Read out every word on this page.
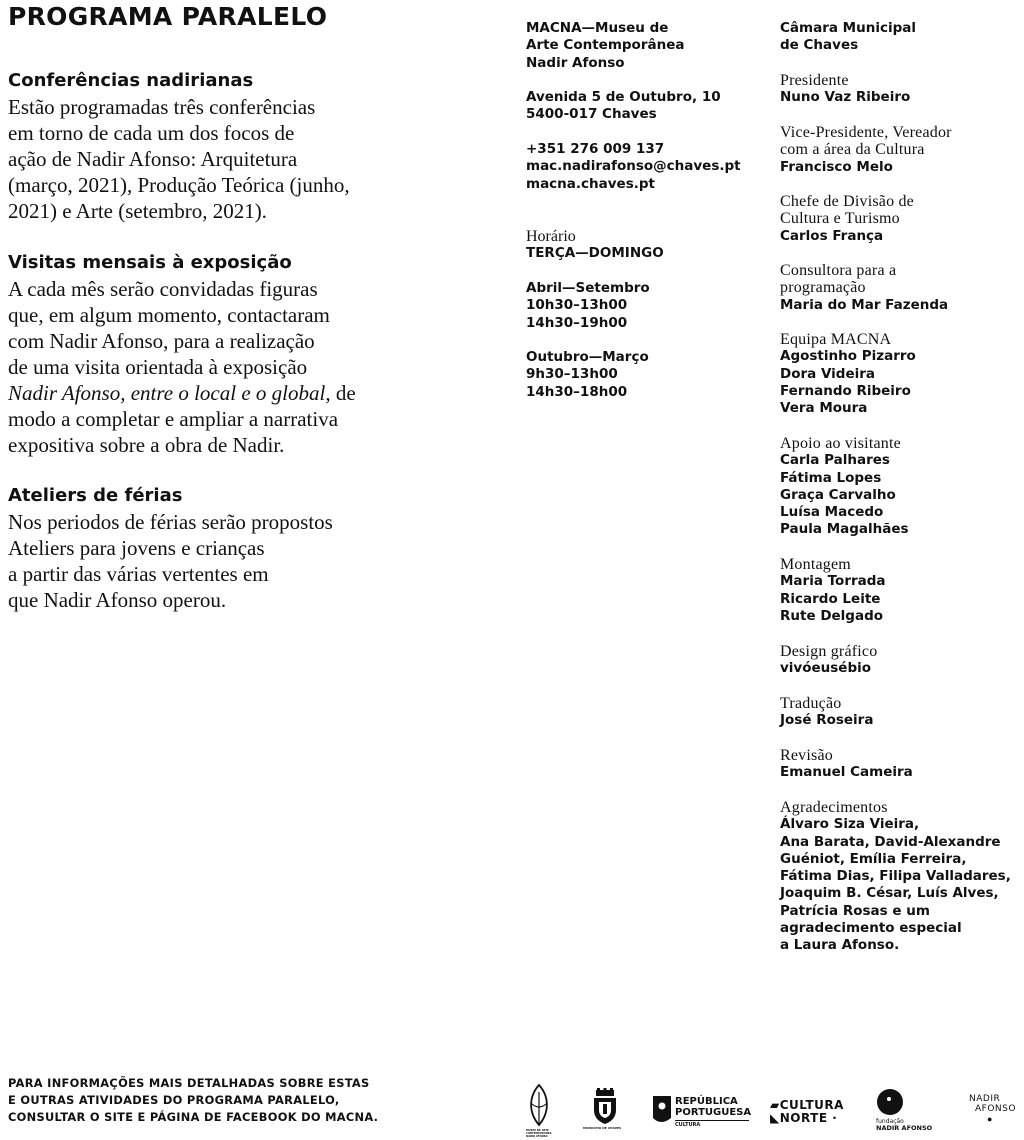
PROGRAMA PARALELO
Conferências nadirianas

Estão programadas três conferências
em torno de cada um dos focos de
ação de Nadir Afonso: Arquitetura
(março, 2021), Produção Teórica (junho,
2021) e Arte (setembro, 2021).

Visitas mensais à exposição

A cada mês serão convidadas figuras
que, em algum momento, contactaram
com Nadir Afonso, para a realização
de uma visita orientada à exposição
Nadir Afonso, entre o local e o global, de
modo a completar e ampliar a narrativa
expositiva sobre a obra de Nadir.

Ateliers de férias

Nos periodos de férias serão propostos
Ateliers para jovens e crianças
a partir das várias vertentes em
que Nadir Afonso operou.

MACNA—Museu de
Arte Contemporânea
Nadir Afonso
Avenida 5 de Outubro, 10
5400-017 Chaves
+351 276 009 137
mac.nadirafonso@chaves.pt
macna.chaves.pt
Horário
TERÇA—DOMINGO
Abril—Setembro
10h30–13h00
14h30–19h00
Outubro—Março
9h30–13h00
14h30–18h00
Câmara Municipal
de Chaves
Presidente
Nuno Vaz Ribeiro
Vice-Presidente, Vereador
com a área da Cultura
Francisco Melo
Chefe de Divisão de
Cultura e Turismo
Carlos França
Consultora para a
programação
Maria do Mar Fazenda
Equipa MACNA
Agostinho Pizarro
Dora Videira
Fernando Ribeiro
Vera Moura
Apoio ao visitante
Carla Palhares
Fátima Lopes
Graça Carvalho
Luísa Macedo
Paula Magalhães
Montagem
Maria Torrada
Ricardo Leite
Rute Delgado
Design gráfico
vivóeusébio
Tradução
José Roseira
Revisão
Emanuel Cameira
Agradecimentos
Álvaro Siza Vieira,
Ana Barata, David-Alexandre
Guéniot, Emília Ferreira,
Fátima Dias, Filipa Valladares,
Joaquim B. César, Luís Alves,
Patrícia Rosas e um
agradecimento especial
a Laura Afonso.
PARA INFORMAÇÕES MAIS DETALHADAS SOBRE ESTAS
E OUTRAS ATIVIDADES DO PROGRAMA PARALELO,
CONSULTAR O SITE E PÁGINA DE FACEBOOK DO MACNA.
MUSEU DE ARTE CONTEMPORÂNEA NADIR AFONSO
MUNICÍPIO DE CHAVES
REPÚBLICA
PORTUGUESA
CULTURA
▰CULTURA
◣NORTE ·	fundação
NADIR AFONSO
NADIR
AFONSO
●
